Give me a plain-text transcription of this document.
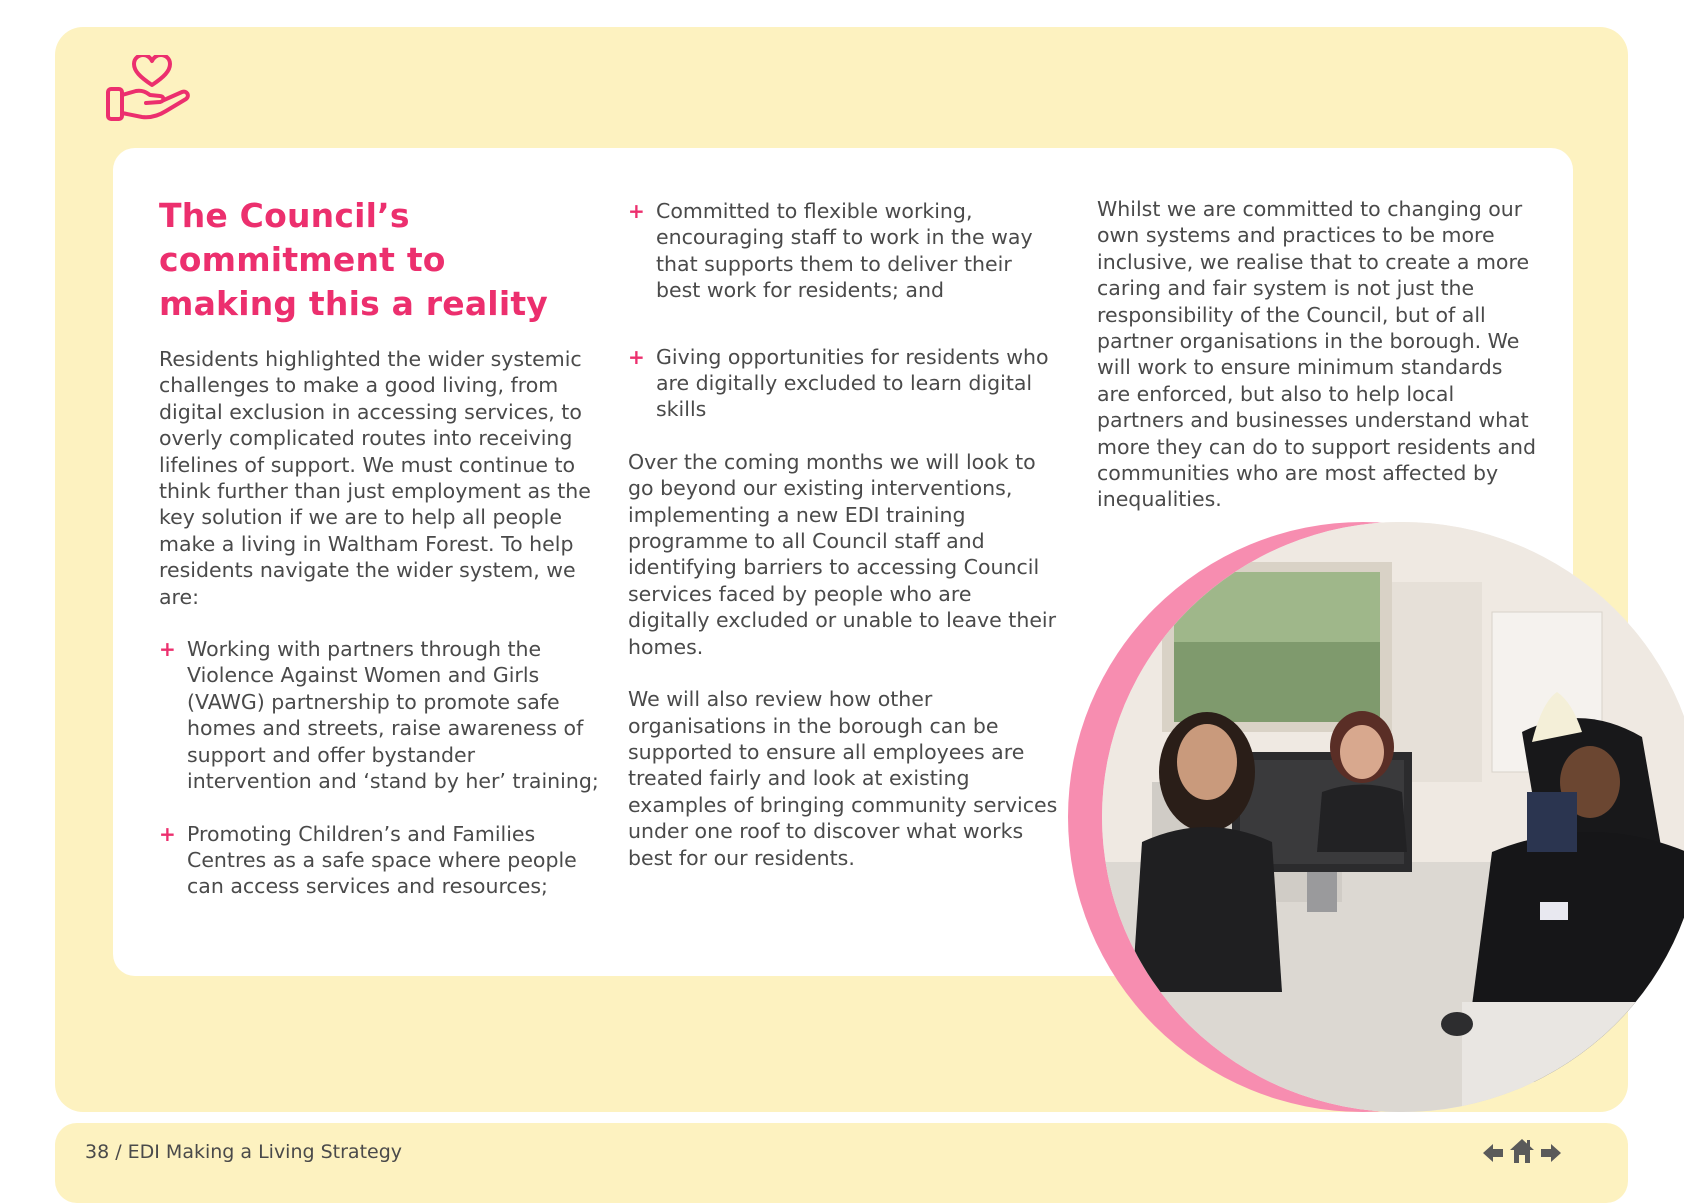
The Council’s
commitment to
making this a reality

Residents highlighted the wider systemic challenges to make a good living, from digital exclusion in accessing services, to overly complicated routes into receiving lifelines of support. We must continue to think further than just employment as the key solution if we are to help all people make a living in Waltham Forest. To help residents navigate the wider system, we are:

+ Working with partners through the Violence Against Women and Girls (VAWG) partnership to promote safe homes and streets, raise awareness of support and offer bystander intervention and ‘stand by her’ training;
+ Promoting Children’s and Families Centres as a safe space where people can access services and resources;
+ Committed to flexible working, encouraging staff to work in the way that supports them to deliver their best work for residents; and
+ Giving opportunities for residents who are digitally excluded to learn digital skills

Over the coming months we will look to go beyond our existing interventions, implementing a new EDI training programme to all Council staff and identifying barriers to accessing Council services faced by people who are digitally excluded or unable to leave their homes.

We will also review how other organisations in the borough can be supported to ensure all employees are treated fairly and look at existing examples of bringing community services under one roof to discover what works best for our residents.

Whilst we are committed to changing our own systems and practices to be more inclusive, we realise that to create a more caring and fair system is not just the responsibility of the Council, but of all partner organisations in the borough. We will work to ensure minimum standards are enforced, but also to help local partners and businesses understand what more they can do to support residents and communities who are most affected by inequalities.

38 / EDI Making a Living Strategy
